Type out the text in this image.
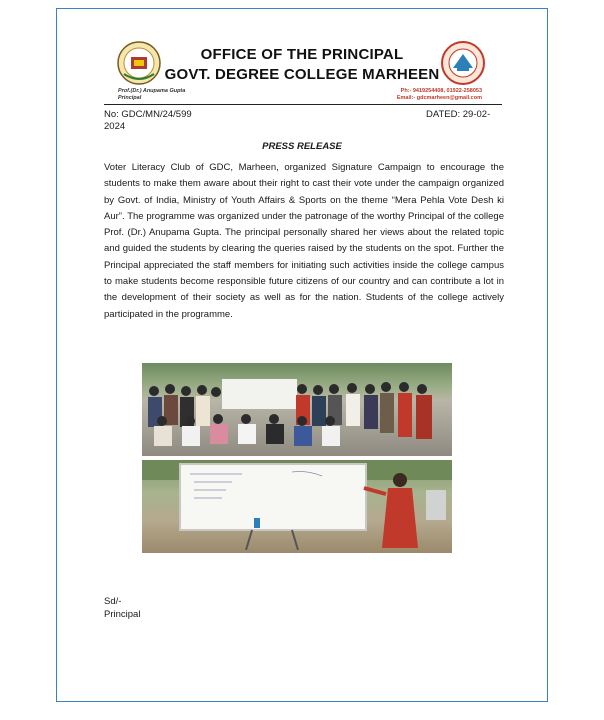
OFFICE OF THE PRINCIPAL
GOVT. DEGREE COLLEGE MARHEEN
Prof.(Dr.) Anupama Gupta
Principal
Ph:- 9419254408, 01922-258053
Email:- gdcmarheen@gmail.com
No: GDC/MN/24/599 2024
DATED: 29-02-
PRESS RELEASE

Voter Literacy Club of GDC, Marheen, organized Signature Campaign to encourage the students to make them aware about their right to cast their vote under the campaign organized by Govt. of India, Ministry of Youth Affairs & Sports on the theme “Mera Pehla Vote Desh ki Aur”. The programme was organized under the patronage of the worthy Principal of the college Prof. (Dr.) Anupama Gupta. The principal personally shared her views about the related topic and guided the students by clearing the queries raised by the students on the spot. Further the Principal appreciated the staff members for initiating such activities inside the college campus to make students become responsible future citizens of our country and can contribute a lot in the development of their society as well as for the nation. Students of the college actively participated in the programme.

Sd/-
Principal
